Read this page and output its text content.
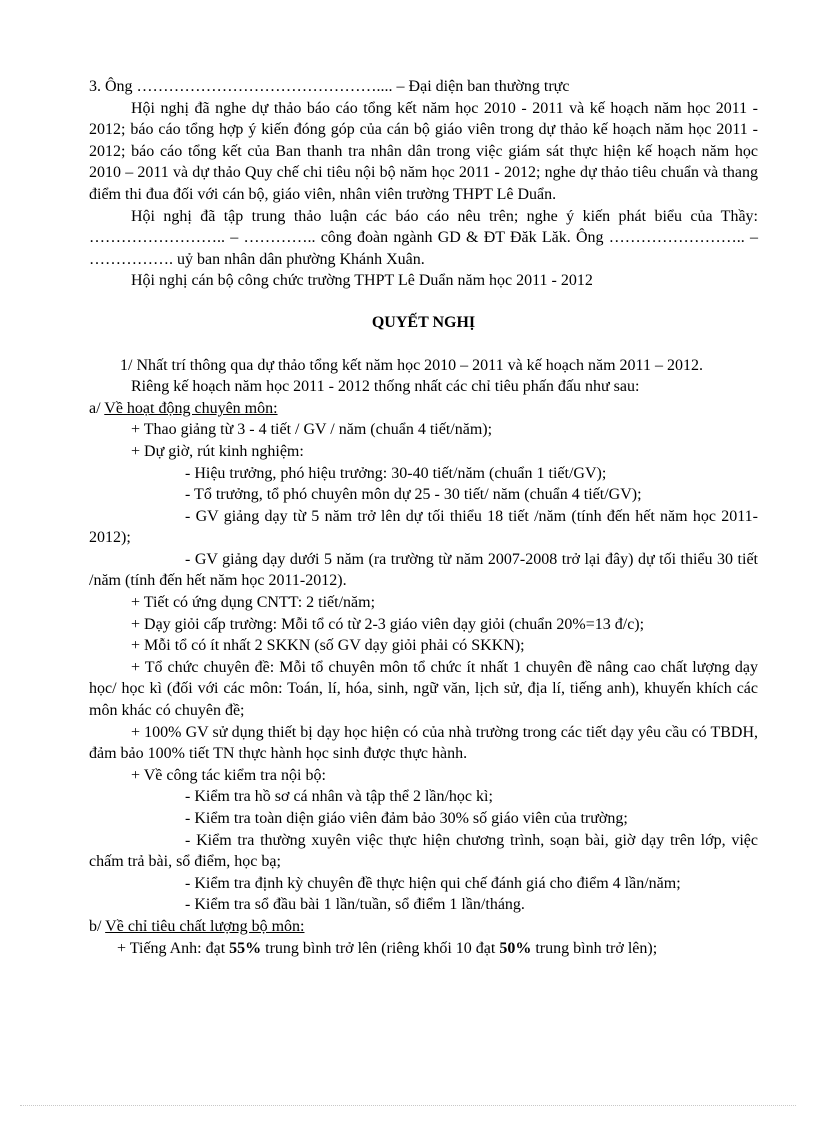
3. Ông ……………………………………….... – Đại diện ban thường trực

Hội nghị đã nghe dự thảo báo cáo tổng kết năm học 2010 - 2011 và kế hoạch năm học 2011 - 2012; báo cáo tổng hợp ý kiến đóng góp của cán bộ giáo viên trong dự thảo kế hoạch năm học 2011 - 2012; báo cáo tổng kết của Ban thanh tra nhân dân trong việc giám sát thực hiện kế hoạch năm học 2010 – 2011 và dự thảo Quy chế chi tiêu nội bộ năm học 2011 - 2012; nghe dự thảo tiêu chuẩn và thang điểm thi đua đối với cán bộ, giáo viên, nhân viên trường THPT Lê Duẩn.

Hội nghị đã tập trung thảo luận các báo cáo nêu trên; nghe ý kiến phát biểu của Thầy: …………………….. – ………….. công đoàn ngành GD & ĐT Đăk Lăk. Ông …………………….. – ……………. uỷ ban nhân dân phường Khánh Xuân.

Hội nghị cán bộ công chức trường THPT Lê Duẩn năm học 2011 - 2012

QUYẾT NGHỊ

1/ Nhất trí thông qua dự thảo tổng kết năm học 2010 – 2011 và kế hoạch năm 2011 – 2012.

Riêng kế hoạch năm học 2011 - 2012 thống nhất các chỉ tiêu phấn đấu như sau:

a/ Về hoạt động chuyên môn:

+ Thao giảng từ 3 - 4 tiết / GV / năm (chuẩn 4 tiết/năm);

+ Dự giờ, rút kinh nghiệm:

- Hiệu trưởng, phó hiệu trưởng: 30-40 tiết/năm (chuẩn 1 tiết/GV);

- Tổ trưởng, tổ phó chuyên môn dự 25 - 30 tiết/ năm (chuẩn 4 tiết/GV);

- GV giảng dạy từ 5 năm trở lên dự tối thiểu 18 tiết /năm (tính đến hết năm học 2011-2012);

- GV giảng dạy dưới 5 năm (ra trường từ năm 2007-2008 trở lại đây) dự tối thiểu 30 tiết /năm (tính đến hết năm học 2011-2012).

+ Tiết có ứng dụng CNTT: 2 tiết/năm;

+ Dạy giỏi cấp trường: Mỗi tổ có từ 2-3 giáo viên dạy giỏi (chuẩn 20%=13 đ/c);

+ Mỗi tổ có ít nhất 2 SKKN (số GV dạy giỏi phải có SKKN);

+ Tổ chức chuyên đề: Mỗi tổ chuyên môn tổ chức ít nhất 1 chuyên đề nâng cao chất lượng dạy học/ học kì (đối với các môn: Toán, lí, hóa, sinh, ngữ văn, lịch sử, địa lí, tiếng anh), khuyến khích các môn khác có chuyên đề;

+ 100% GV sử dụng thiết bị dạy học hiện có của nhà trường trong các tiết dạy yêu cầu có TBDH, đảm bảo 100% tiết TN thực hành học sinh được thực hành.

+ Về công tác kiểm tra nội bộ:

- Kiểm tra hồ sơ cá nhân và tập thể 2 lần/học kì;

- Kiểm tra toàn diện giáo viên đảm bảo 30% số giáo viên của trường;

- Kiểm tra thường xuyên việc thực hiện chương trình, soạn bài, giờ dạy trên lớp, việc chấm trả bài, sổ điểm, học bạ;

- Kiểm tra định kỳ chuyên đề thực hiện qui chế đánh giá cho điểm 4 lần/năm;

- Kiểm tra sổ đầu bài 1 lần/tuần, sổ điểm 1 lần/tháng.

b/ Về chỉ tiêu chất lượng bộ môn:

+ Tiếng Anh: đạt 55% trung bình trở lên (riêng khối 10 đạt 50% trung bình trở lên);
